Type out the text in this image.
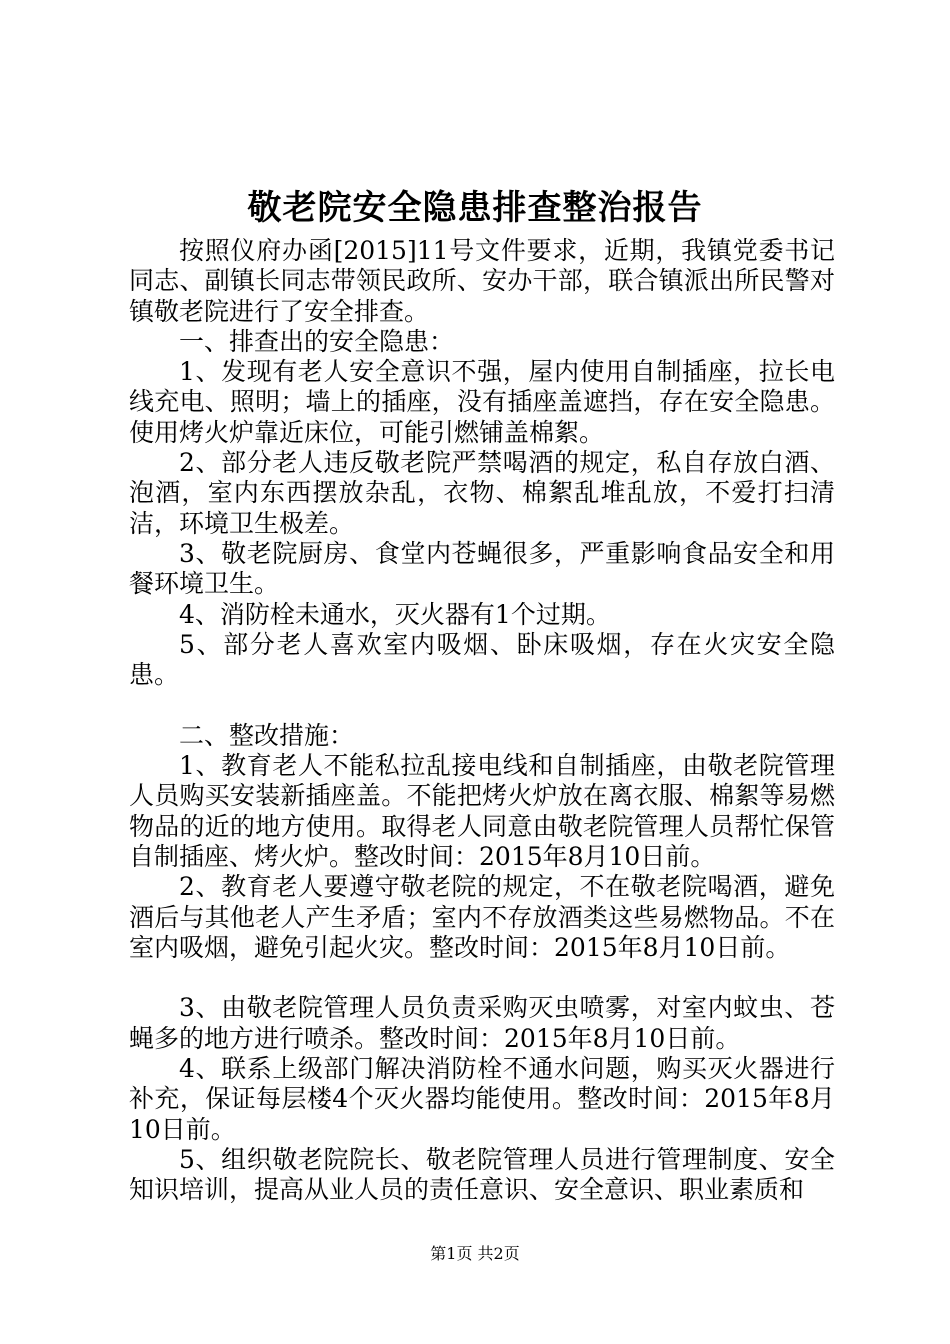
敬老院安全隐患排查整治报告

按照仪府办函[2015]11号文件要求，近期，我镇党委书记同志、副镇长同志带领民政所、安办干部，联合镇派出所民警对镇敬老院进行了安全排查。

一、排查出的安全隐患：

1、发现有老人安全意识不强，屋内使用自制插座，拉长电线充电、照明；墙上的插座，没有插座盖遮挡，存在安全隐患。使用烤火炉靠近床位，可能引燃铺盖棉絮。

2、部分老人违反敬老院严禁喝酒的规定，私自存放白酒、泡酒，室内东西摆放杂乱，衣物、棉絮乱堆乱放，不爱打扫清洁，环境卫生极差。

3、敬老院厨房、食堂内苍蝇很多，严重影响食品安全和用餐环境卫生。

4、消防栓未通水，灭火器有1个过期。

5、部分老人喜欢室内吸烟、卧床吸烟，存在火灾安全隐患。

二、整改措施：

1、教育老人不能私拉乱接电线和自制插座，由敬老院管理人员购买安装新插座盖。不能把烤火炉放在离衣服、棉絮等易燃物品的近的地方使用。取得老人同意由敬老院管理人员帮忙保管自制插座、烤火炉。整改时间：2015年8月10日前。

2、教育老人要遵守敬老院的规定，不在敬老院喝酒，避免酒后与其他老人产生矛盾；室内不存放酒类这些易燃物品。不在室内吸烟，避免引起火灾。整改时间：2015年8月10日前。

3、由敬老院管理人员负责采购灭虫喷雾，对室内蚊虫、苍蝇多的地方进行喷杀。整改时间：2015年8月10日前。

4、联系上级部门解决消防栓不通水问题，购买灭火器进行补充，保证每层楼4个灭火器均能使用。整改时间：2015年8月10日前。

5、组织敬老院院长、敬老院管理人员进行管理制度、安全知识培训，提高从业人员的责任意识、安全意识、职业素质和

第1页 共2页
